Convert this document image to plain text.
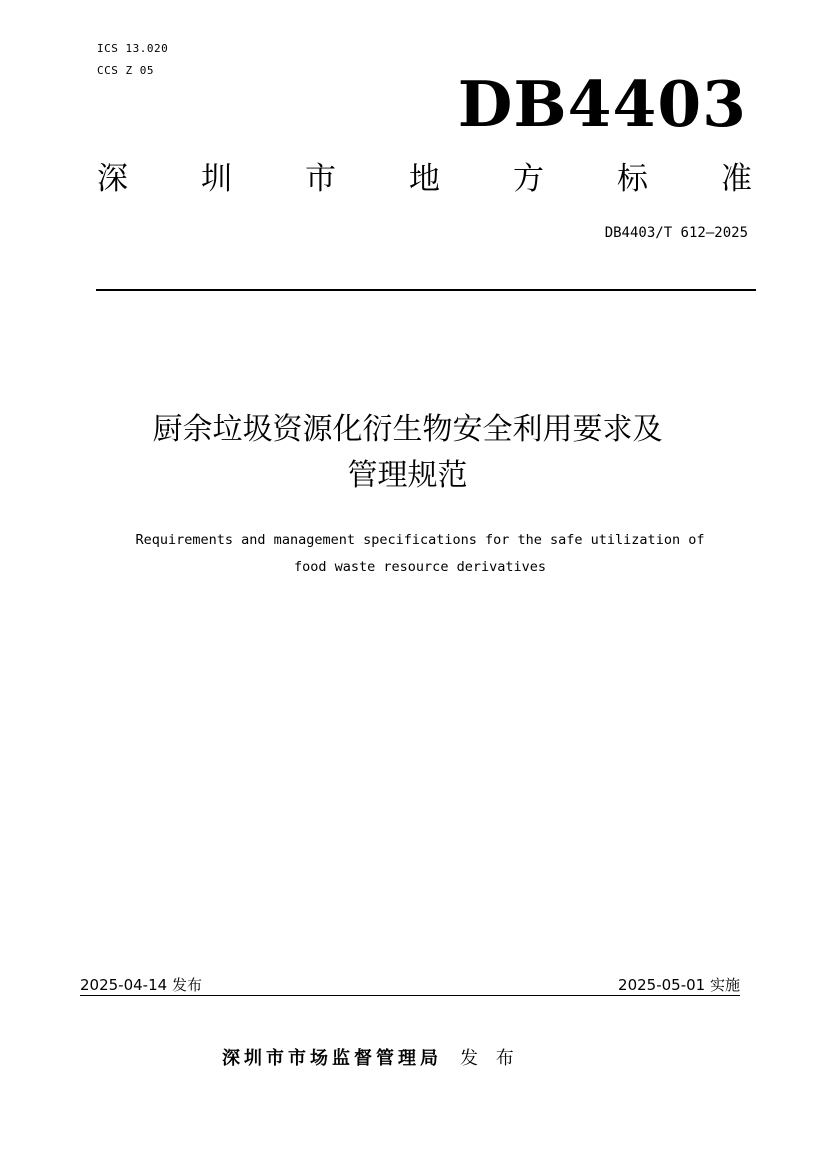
ICS 13.020
CCS Z 05	DB4403
深 圳 市 地 方 标 准
DB4403/T 612—2025
厨余垃圾资源化衍生物安全利用要求及
管理规范
Requirements and management specifications for the safe utilization of
food waste resource derivatives
2025-04-14 发布	2025-05-01 实施
深圳市市场监督管理局 发 布
